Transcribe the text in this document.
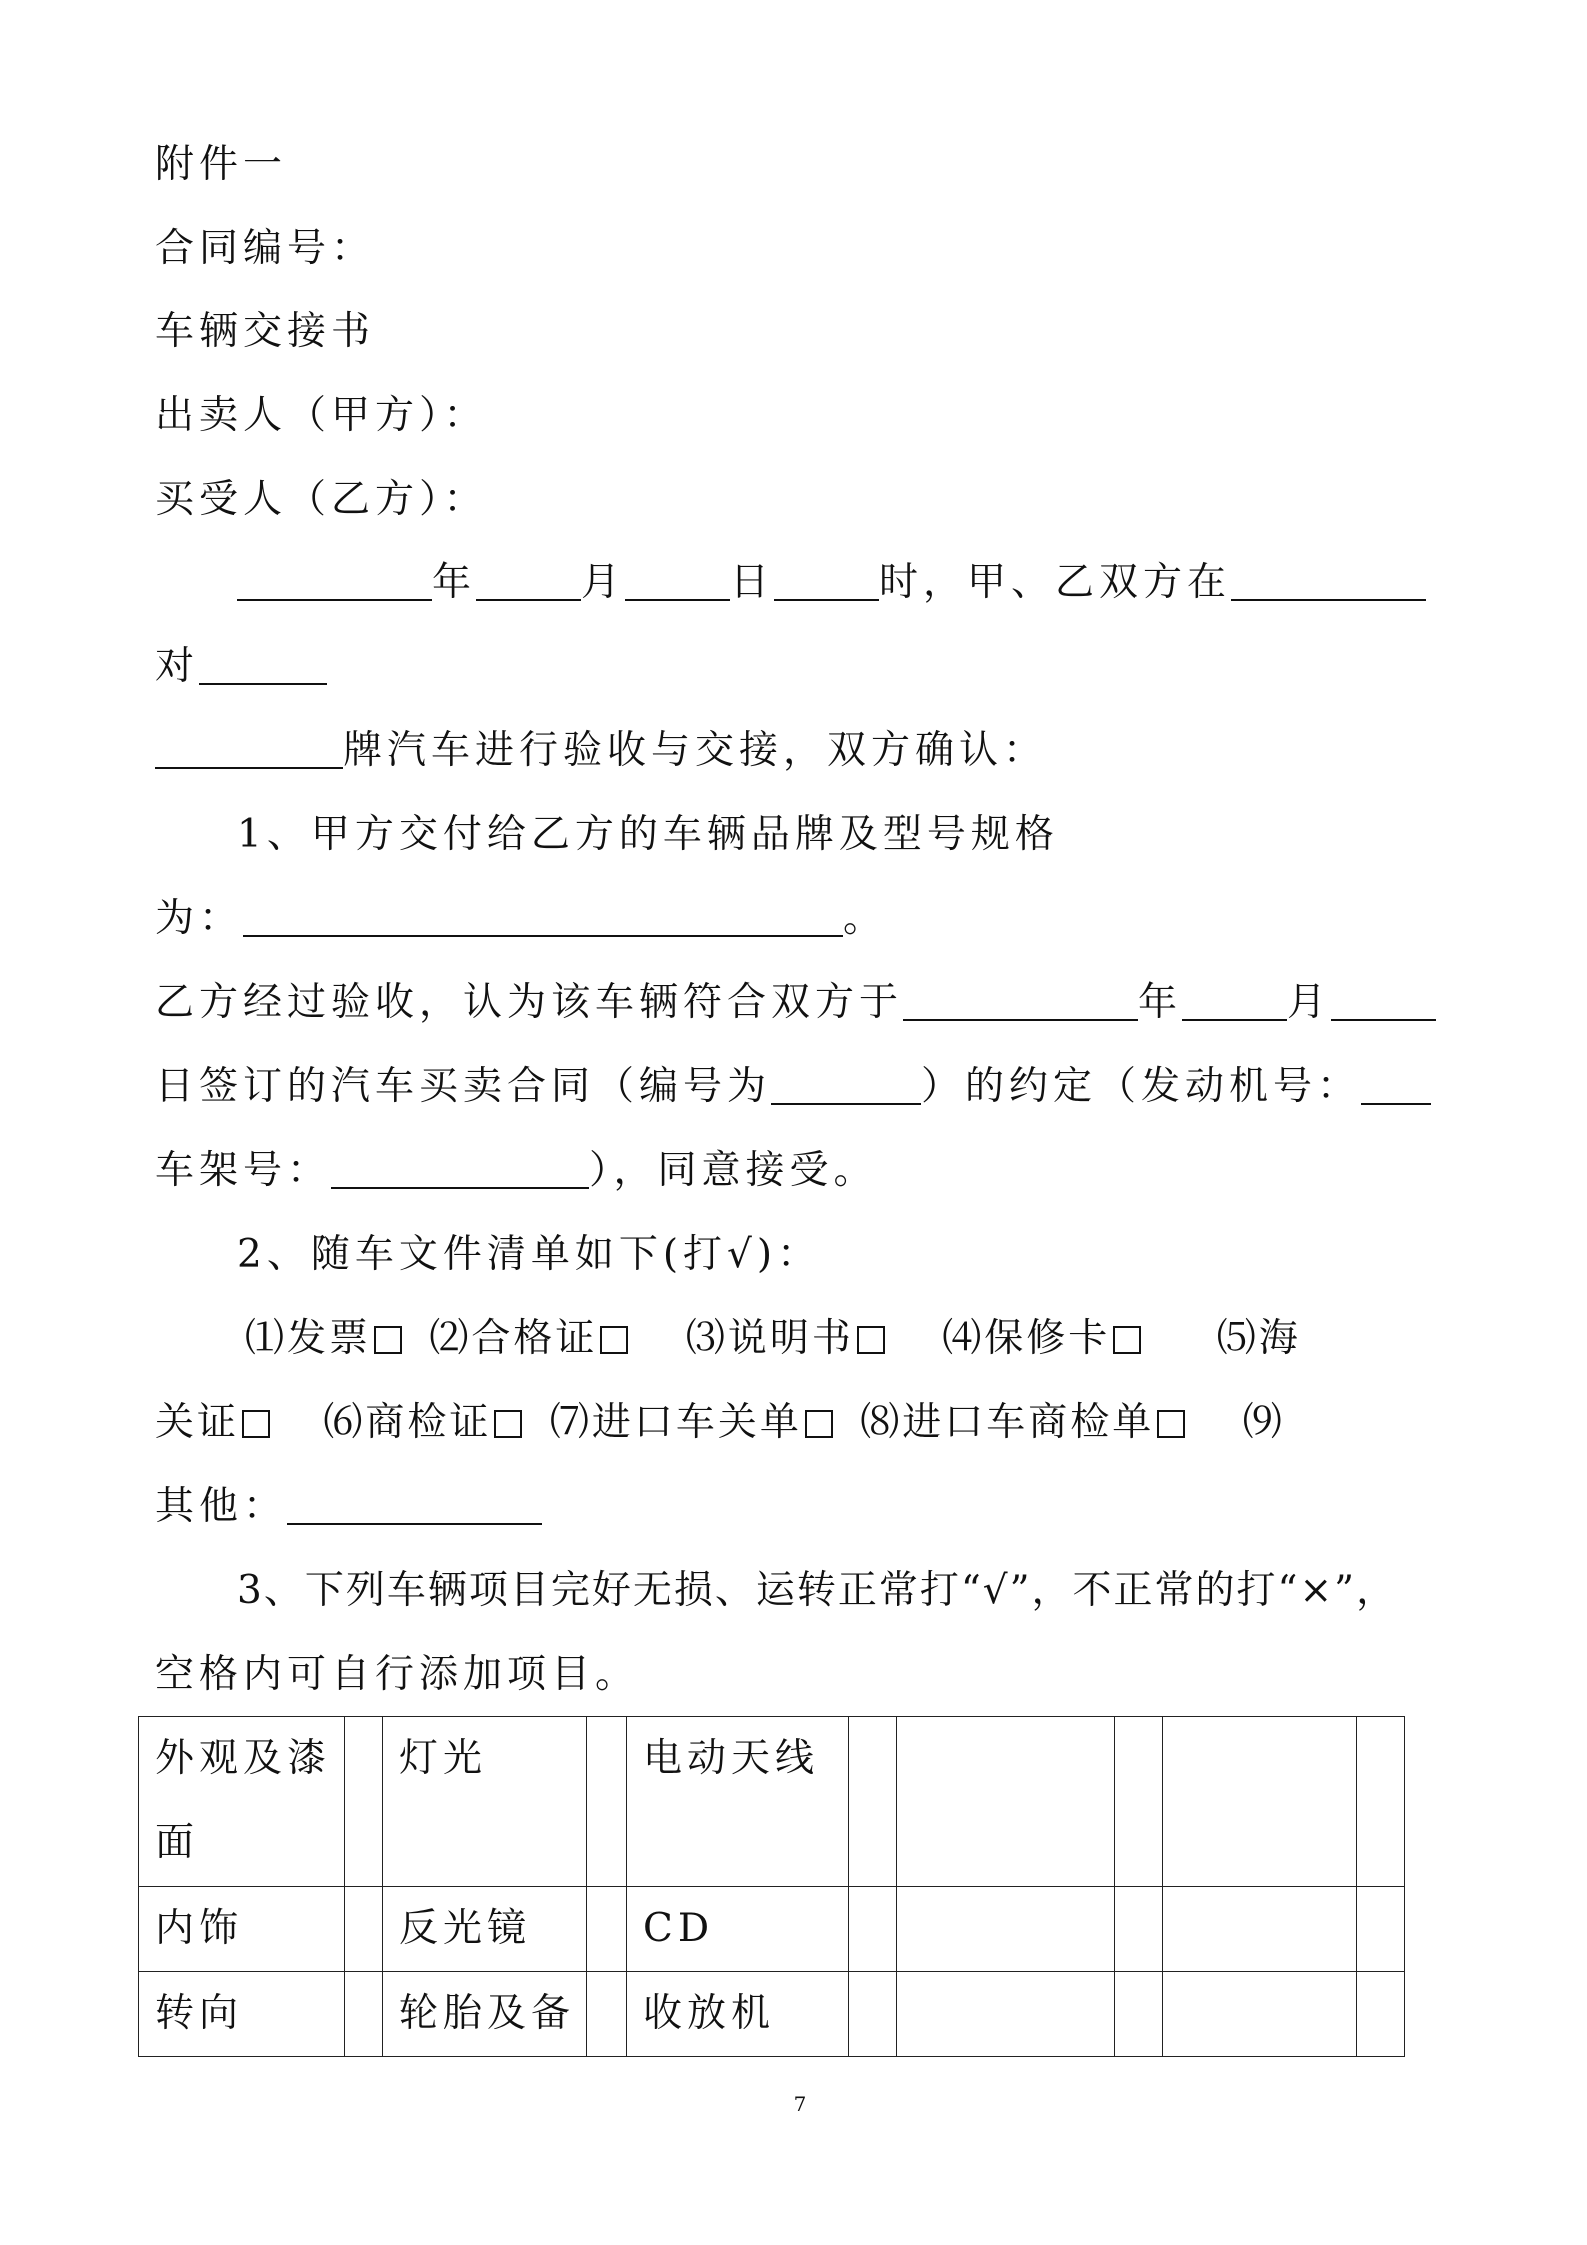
附件一
合同编号：
车辆交接书
出卖人（甲方）：
买受人（乙方）：
年	月	日	时，甲、乙双方在
对
牌汽车进行验收与交接，双方确认：
1、甲方交付给乙方的车辆品牌及型号规格
为：	。
乙方经过验收，认为该车辆符合双方于	年	月
日签订的汽车买卖合同（编号为	）的约定（发动机号：
车架号：	），同意接受。
2、随车文件清单如下(打√)：
⑴发票 ⑵合格证 ⑶说明书 ⑷保修卡	⑸海
关证 ⑹商检证 ⑺进口车关单 ⑻进口车商检单 ⑼
其他：
3、下列车辆项目完好无损、运转正常打“√”，不正常的打“×”，
空格内可自行添加项目。
外观及漆面		灯光		电动天线					
内饰		反光镜		CD					
转向		轮胎及备		收放机					
7
